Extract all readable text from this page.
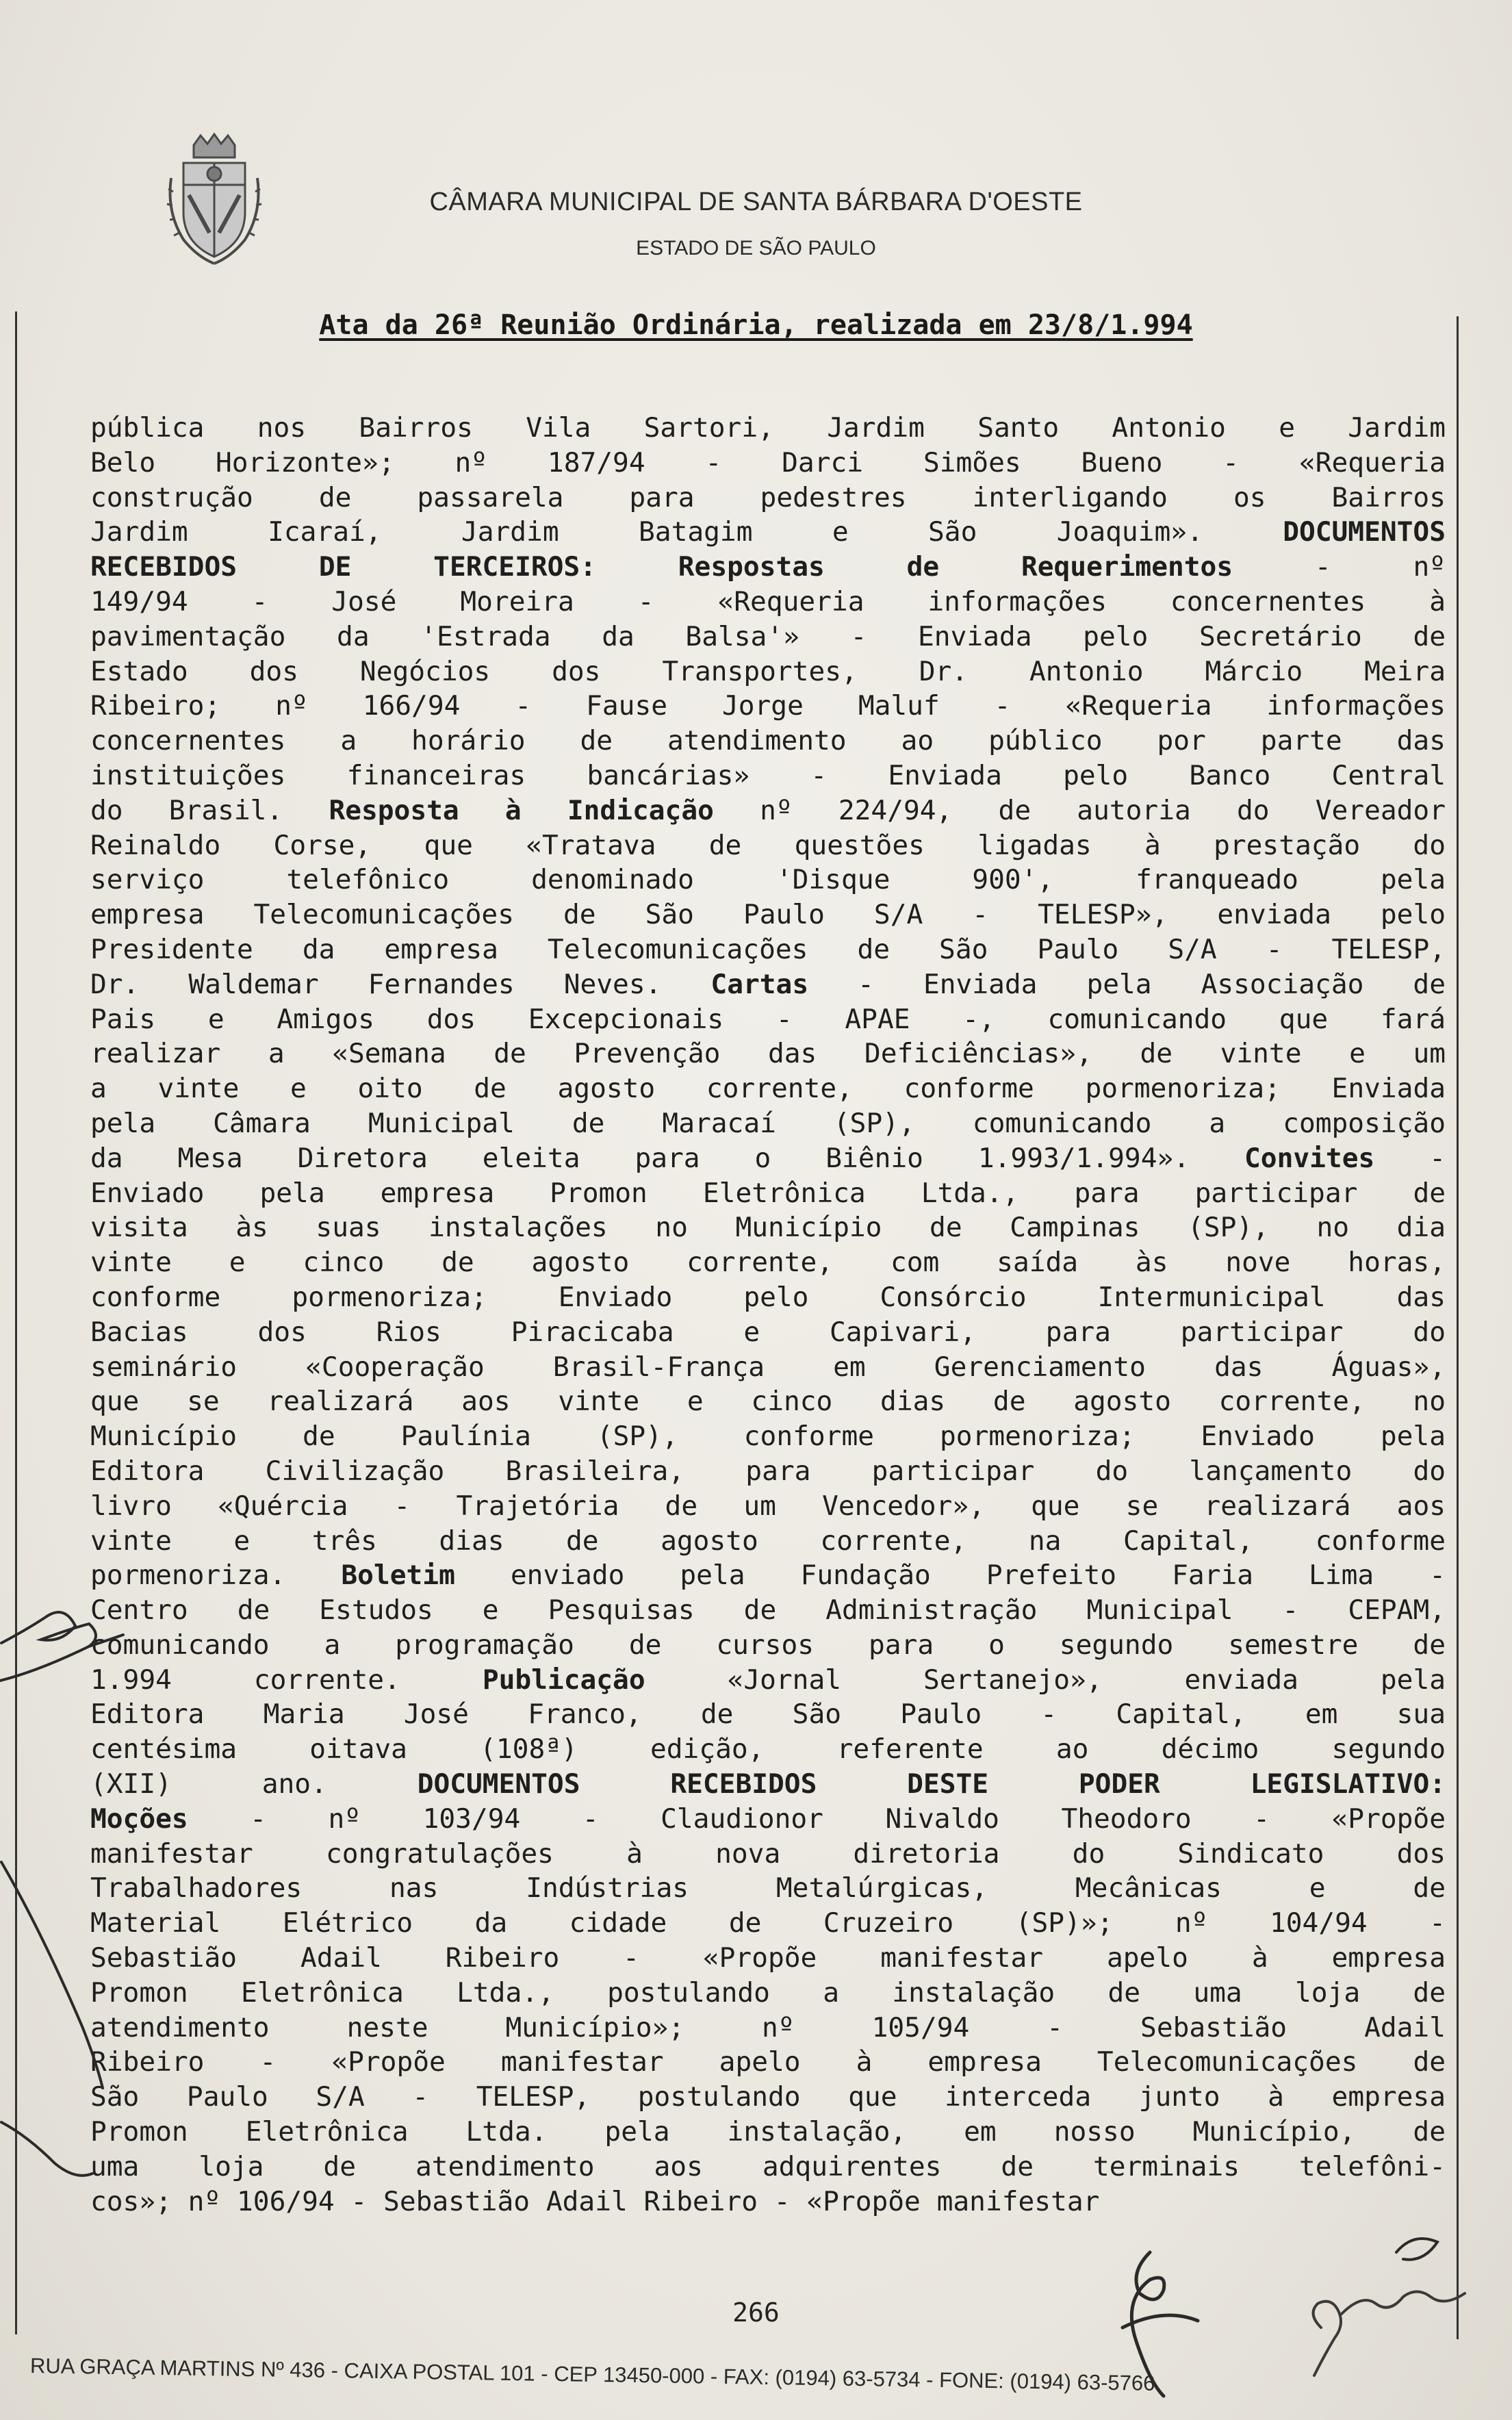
CÂMARA MUNICIPAL DE SANTA BÁRBARA D'OESTE
ESTADO DE SÃO PAULO
Ata da 26ª Reunião Ordinária, realizada em 23/8/1.994
pública nos Bairros Vila Sartori, Jardim Santo Antonio e Jardim
Belo Horizonte»; nº 187/94 - Darci Simões Bueno - «Requeria
construção de passarela para pedestres interligando os Bairros
Jardim Icaraí, Jardim Batagim e São Joaquim». DOCUMENTOS
RECEBIDOS DE TERCEIROS:	Respostas de Requerimentos - nº
149/94 - José Moreira - «Requeria informações concernentes à
pavimentação da 'Estrada da Balsa'» - Enviada pelo Secretário de
Estado dos Negócios dos Transportes, Dr. Antonio Márcio Meira
Ribeiro; nº 166/94 - Fause Jorge Maluf - «Requeria informações
concernentes a horário de atendimento ao público por parte das
instituições financeiras bancárias» - Enviada pelo Banco Central
do Brasil. Resposta à Indicação nº 224/94, de autoria do Vereador
Reinaldo Corse, que «Tratava de questões ligadas à prestação do
serviço telefônico denominado 'Disque 900', franqueado pela
empresa Telecomunicações de São Paulo S/A - TELESP», enviada pelo
Presidente da empresa Telecomunicações de São Paulo S/A - TELESP,
Dr. Waldemar Fernandes Neves. Cartas - Enviada pela Associação de
Pais e Amigos dos Excepcionais - APAE -, comunicando que fará
realizar a «Semana de Prevenção das Deficiências», de vinte e um
a vinte e oito de agosto corrente, conforme pormenoriza; Enviada
pela Câmara Municipal de Maracaí (SP), comunicando a composição
da Mesa Diretora eleita para o Biênio 1.993/1.994». Convites -
Enviado pela empresa Promon Eletrônica Ltda., para participar de
visita às suas instalações no Município de Campinas (SP), no dia
vinte e cinco de agosto corrente, com saída às nove horas,
conforme pormenoriza; Enviado pelo Consórcio Intermunicipal das
Bacias dos Rios Piracicaba e Capivari, para participar do
seminário «Cooperação Brasil-França em Gerenciamento das Águas»,
que se realizará aos vinte e cinco dias de agosto corrente, no
Município de Paulínia (SP), conforme pormenoriza; Enviado pela
Editora Civilização Brasileira, para participar do lançamento do
livro «Quércia - Trajetória de um Vencedor», que se realizará aos
vinte e três dias de agosto corrente, na Capital, conforme
pormenoriza. Boletim enviado pela Fundação Prefeito Faria Lima -
Centro de Estudos e Pesquisas de Administração Municipal - CEPAM,
comunicando a programação de cursos para o segundo semestre de
1.994 corrente. Publicação «Jornal Sertanejo», enviada pela
Editora Maria José Franco, de São Paulo - Capital, em sua
centésima oitava (108ª) edição, referente ao décimo segundo
(XII) ano. DOCUMENTOS RECEBIDOS DESTE PODER LEGISLATIVO:
Moções - nº 103/94 - Claudionor Nivaldo Theodoro - «Propõe
manifestar congratulações à nova diretoria do Sindicato dos
Trabalhadores nas Indústrias Metalúrgicas, Mecânicas e de
Material Elétrico da cidade de Cruzeiro (SP)»; nº 104/94 -
Sebastião Adail Ribeiro - «Propõe manifestar apelo à empresa
Promon Eletrônica Ltda., postulando a instalação de uma loja de
atendimento neste Município»; nº 105/94 - Sebastião Adail
Ribeiro - «Propõe manifestar apelo à empresa Telecomunicações de
São Paulo S/A - TELESP, postulando que interceda junto à empresa
Promon Eletrônica Ltda. pela instalação, em nosso Município, de
uma loja de atendimento aos adquirentes de terminais telefôni-
cos»; nº 106/94 - Sebastião Adail Ribeiro - «Propõe manifestar
266
RUA GRAÇA MARTINS Nº 436 - CAIXA POSTAL 101 - CEP 13450-000 - FAX: (0194) 63-5734 - FONE: (0194) 63-5766
